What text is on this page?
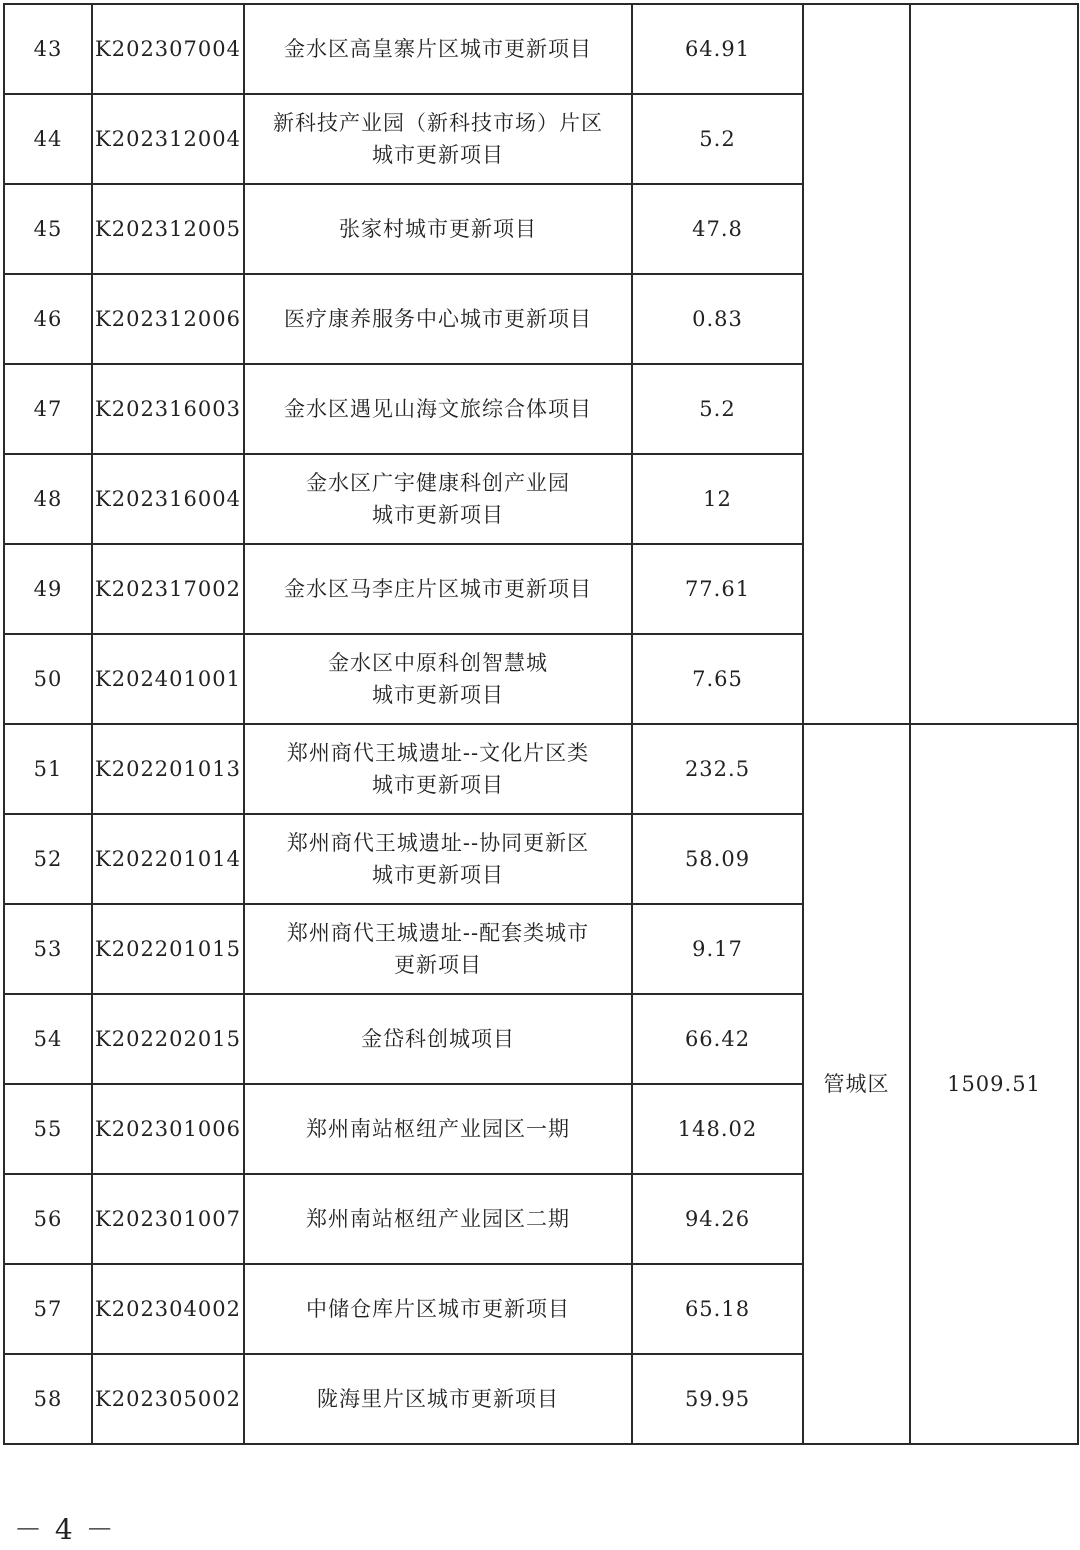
43	K202307004	金水区高皇寨片区城市更新项目	64.91		
44	K202312004	新科技产业园（新科技市场）片区
城市更新项目	5.2		
45	K202312005	张家村城市更新项目	47.8		
46	K202312006	医疗康养服务中心城市更新项目	0.83		
47	K202316003	金水区遇见山海文旅综合体项目	5.2		
48	K202316004	金水区广宇健康科创产业园
城市更新项目	12		
49	K202317002	金水区马李庄片区城市更新项目	77.61		
50	K202401001	金水区中原科创智慧城
城市更新项目	7.65		
51	K202201013	郑州商代王城遗址--文化片区类
城市更新项目	232.5	管城区	1509.51
52	K202201014	郑州商代王城遗址--协同更新区
城市更新项目	58.09		
53	K202201015	郑州商代王城遗址--配套类城市
更新项目	9.17		
54	K202202015	金岱科创城项目	66.42		
55	K202301006	郑州南站枢纽产业园区一期	148.02		
56	K202301007	郑州南站枢纽产业园区二期	94.26		
57	K202304002	中储仓库片区城市更新项目	65.18		
58	K202305002	陇海里片区城市更新项目	59.95		
－ 4 －
